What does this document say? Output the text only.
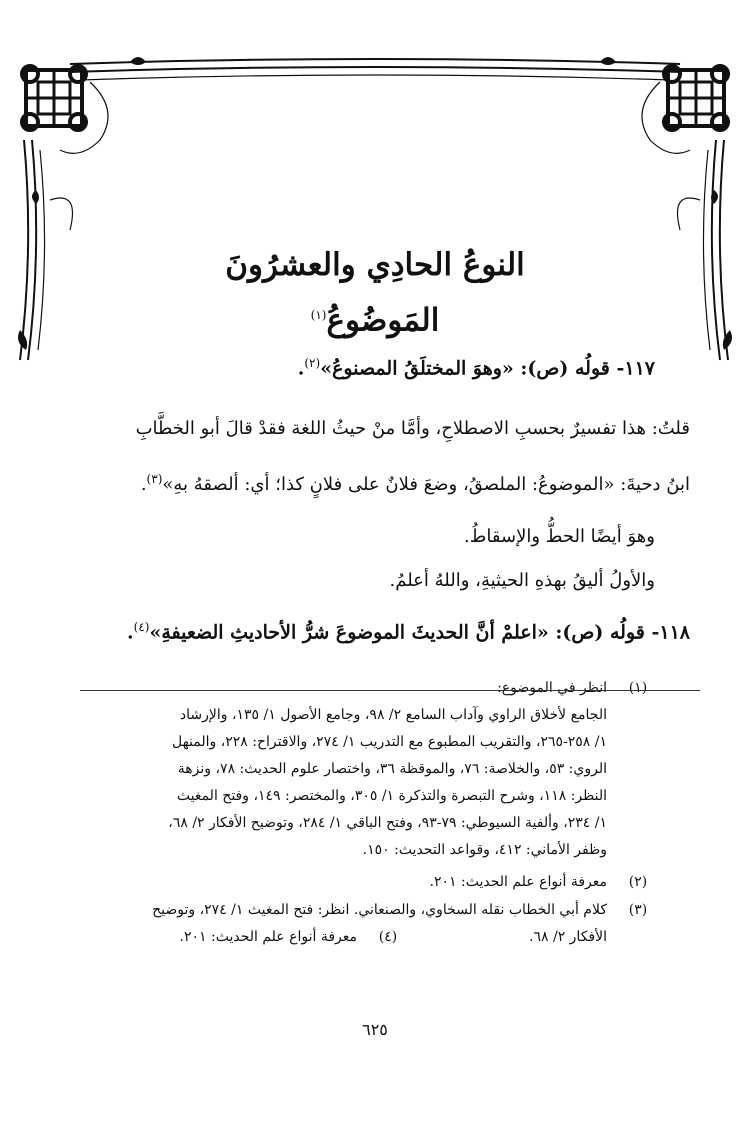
النوعُ الحادِي والعشرُونَ
المَوضُوعُ$^{(١)}$
١١٧- قولُه (ص): «وهوَ المختلَقُ المصنوعُ»$^{(٢)}$.
قلتُ: هذا تفسيرٌ بحسبِ الاصطلاحِ، وأمَّا منْ حيثُ اللغة فقدْ قالَ أبو الخطَّابِ
ابنُ دحيةَ: «الموضوعُ: الملصقُ، وضعَ فلانٌ على فلانٍ كذا؛ أي: ألصقهُ بهِ»$^{(٣)}$.
وهوَ أيضًا الحطُّ والإسقاطُ.
والأولُ أليقُ بهذهِ الحيثيةِ، واللهُ أعلمُ.
١١٨- قولُه (ص): «اعلمْ أنَّ الحديثَ الموضوعَ شرُّ الأحاديثِ الضعيفةِ»$^{(٤)}$.
(١)
انظر في الموضوع:
الجامع لأخلاق الراوي وآداب السامع ٢/ ٩٨، وجامع الأصول ١/ ١٣٥، والإرشاد
١/ ٢٥٨-٢٦٥، والتقريب المطبوع مع التدريب ١/ ٢٧٤، والاقتراح: ٢٢٨، والمنهل
الروي: ٥٣، والخلاصة: ٧٦، والموقظة ٣٦، واختصار علوم الحديث: ٧٨، ونزهة
النظر: ١١٨، وشرح التبصرة والتذكرة ١/ ٣٠٥، والمختصر: ١٤٩، وفتح المغيث
١/ ٢٣٤، وألفية السيوطي: ٧٩-٩٣، وفتح الباقي ١/ ٢٨٤، وتوضيح الأفكار ٢/ ٦٨،
وظفر الأماني: ٤١٢، وقواعد التحديث: ١٥٠.
(٢)
معرفة أنواع علم الحديث: ٢٠١.
(٣)
كلام أبي الخطاب نقله السخاوي، والصنعاني. انظر: فتح المغيث ١/ ٢٧٤، وتوضيح
الأفكار ٢/ ٦٨.
(٤)
معرفة أنواع علم الحديث: ٢٠١.
٦٢٥
